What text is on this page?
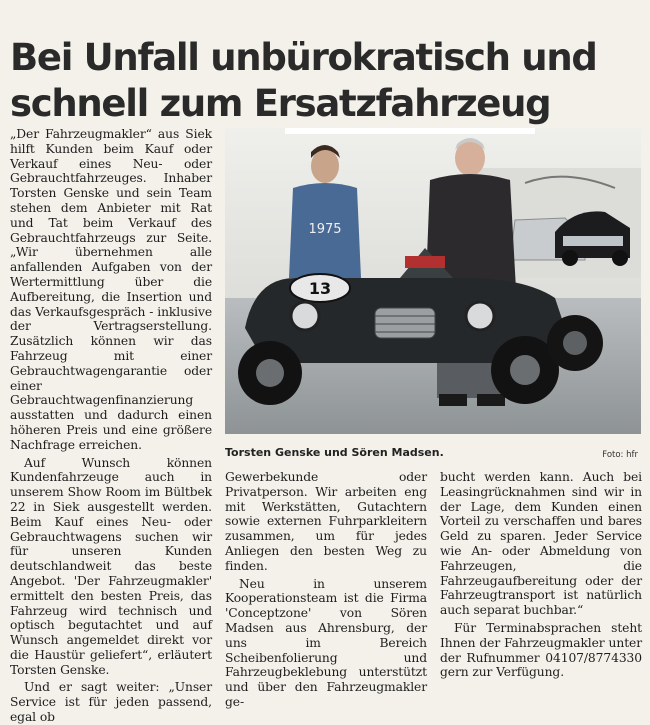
Bei Unfall unbürokratisch und schnell zum Ersatzfahrzeug

„Der Fahrzeugmakler“ aus Siek hilft Kunden beim Kauf oder Verkauf eines Neu- oder Gebrauchtfahrzeuges. Inhaber Torsten Genske und sein Team stehen dem Anbieter mit Rat und Tat beim Verkauf des Gebrauchtfahrzeugs zur Seite. „Wir übernehmen alle anfallenden Aufgaben von der Wertermittlung über die Aufbereitung, die Insertion und das Verkaufsgespräch - inklusive der Vertragserstellung. Zusätzlich können wir das Fahrzeug mit einer Gebrauchtwagengarantie oder einer Gebrauchtwagenfinanzierung ausstatten und dadurch einen höheren Preis und eine größere Nachfrage erreichen.

Auf Wunsch können Kundenfahrzeuge auch in unserem Show Room im Bültbek 22 in Siek ausgestellt werden. Beim Kauf eines Neu- oder Gebrauchtwagens suchen wir für unseren Kunden deutschlandweit das beste Angebot. 'Der Fahrzeugmakler' ermittelt den besten Preis, das Fahrzeug wird technisch und optisch begutachtet und auf Wunsch angemeldet direkt vor die Haustür geliefert“, erläutert Torsten Genske.

Und er sagt weiter: „Unser Service ist für jeden passend, egal ob

1975
13
Torsten Genske und Sören Madsen.	Foto: hfr

Gewerbekunde oder Privatperson. Wir arbeiten eng mit Werkstätten, Gutachtern sowie externen Fuhrparkleitern zusammen, um für jedes Anliegen den besten Weg zu finden.

Neu in unserem Kooperationsteam ist die Firma 'Conceptzone' von Sören Madsen aus Ahrensburg, der uns im Bereich Scheibenfolierung und Fahrzeugbeklebung unterstützt und über den Fahrzeugmakler ge-

bucht werden kann. Auch bei Leasingrücknahmen sind wir in der Lage, dem Kunden einen Vorteil zu verschaffen und bares Geld zu sparen. Jeder Service wie An- oder Abmeldung von Fahrzeugen, die Fahrzeugaufbereitung oder der Fahrzeugtransport ist natürlich auch separat buchbar.“

Für Terminabsprachen steht Ihnen der Fahrzeugmakler unter der Rufnummer 04107/8774330 gern zur Verfügung.
